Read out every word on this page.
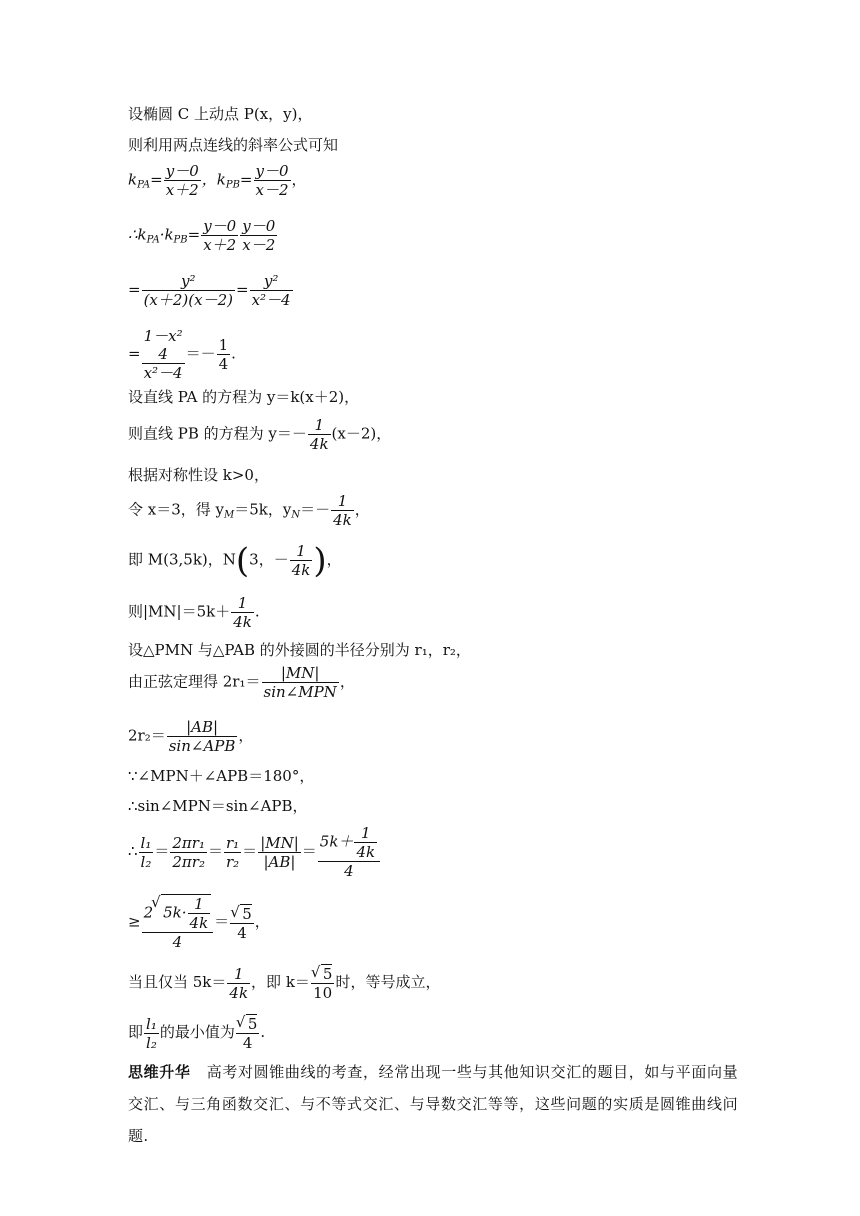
设椭圆 C 上动点 P(x，y)，
则利用两点连线的斜率公式可知
$k_{PA}= \frac{y-0}{x+2}$ ，$k_{PB}= \frac{y-0}{x-2}$ ，
$\therefore k_{PA}\cdot k_{PB}= \frac{y-0}{x+2} \frac{y-0}{x-2}$
= $\frac{\text{y²}}{(x+2)(x-2)} = \frac{\text{y²}}{\text{x²－4}}$
=
1－x²
4
x²－4
＝－ $\frac{1}{4}$ .
设直线 PA 的方程为 y＝k(x＋2)，
则直线 PB 的方程为 $y=- \frac{1}{4k} (x-2)$，
根据对称性设 k>0，
令 x＝3，得 $y_M=5k$，$y_N=- \frac{1}{4k}$ ，
即 M(3,5k)，N(3，－ $\frac{1}{4k}$ )，
则$|MN|=5k+ \frac{1}{4k}$ .
设△PMN 与△PAB 的外接圆的半径分别为 r₁，r₂，
由正弦定理得 $2r_1= \frac{|MN|}{\text{sin∠MPN}}$ ，
$2r_2= \frac{|AB|}{\text{sin∠APB}}$ ，
∵∠MPN＋∠APB＝180°，
∴sin∠MPN＝sin∠APB，
∴ $\frac{\text{l₁}}{\text{l₂}} = \frac{\text{2πr₁}}{\text{2πr₂}} = \frac{\text{r₁}}{\text{r₂}} = \frac{|MN|}{|AB|} = \frac{5k+ \frac{1}{4k}}{4}$
≥ $\frac{2 √ 5k\cdot \frac{1}{4k}}{4}$ ＝ √ $\frac{5}{4}$ ，
当且仅当 $5k= \frac{1}{4k}$ ，即 k＝ √ $\frac{5}{10}$ 时，等号成立，
即 $\frac{\text{l₁}}{\text{l₂}}$ 的最小值为 √ $\frac{5}{4}$ .
思维升华 高考对圆锥曲线的考查，经常出现一些与其他知识交汇的题目，如与平面向量交汇、与三角函数交汇、与不等式交汇、与导数交汇等等，这些问题的实质是圆锥曲线问题.
